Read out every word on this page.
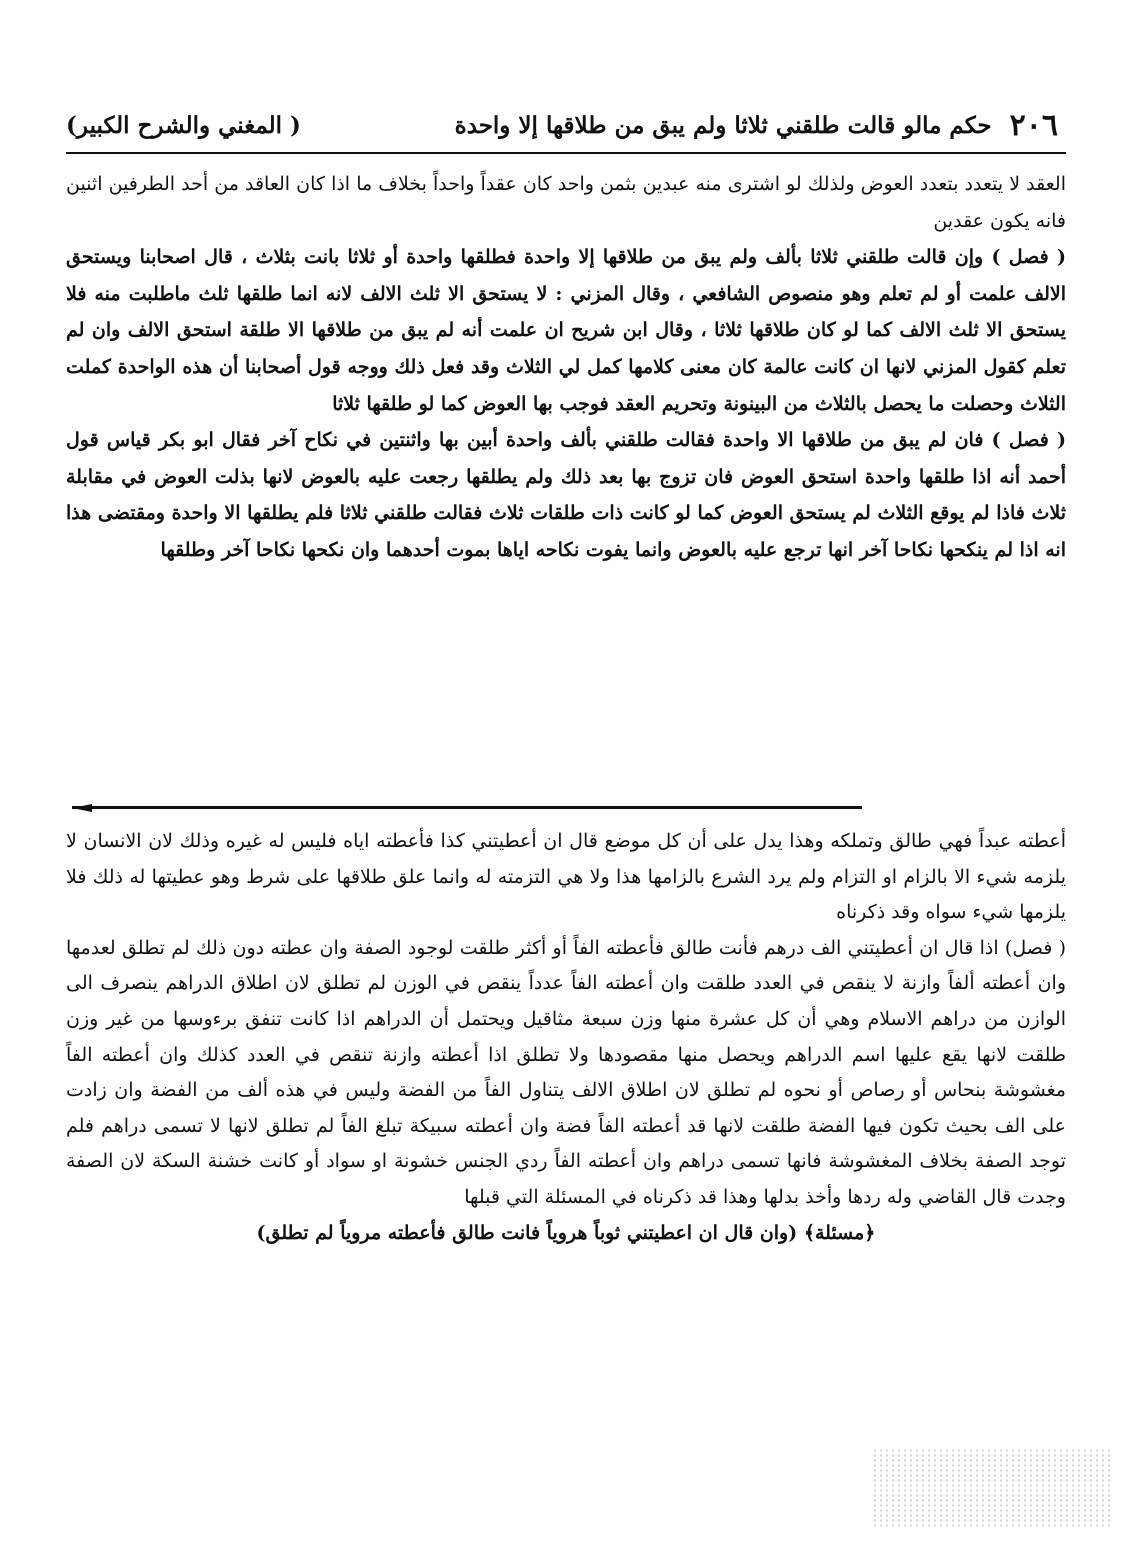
٢٠٦
حكم مالو قالت طلقني ثلاثا ولم يبق من طلاقها إلا واحدة
( المغني والشرح الكبير)

العقد لا يتعدد بتعدد العوض ولذلك لو اشترى منه عبدين بثمن واحد كان عقداً واحداً بخلاف ما اذا كان العاقد من أحد الطرفين اثنين فانه يكون عقدين

( فصل ) وإن قالت طلقني ثلاثا بألف ولم يبق من طلاقها إلا واحدة فطلقها واحدة أو ثلاثا بانت بثلاث ، قال اصحابنا ويستحق الالف علمت أو لم تعلم وهو منصوص الشافعي ، وقال المزني : لا يستحق الا ثلث الالف لانه انما طلقها ثلث ماطلبت منه فلا يستحق الا ثلث الالف كما لو كان طلاقها ثلاثا ، وقال ابن شريح ان علمت أنه لم يبق من طلاقها الا طلقة استحق الالف وان لم تعلم كقول المزني لانها ان كانت عالمة كان معنى كلامها كمل لي الثلاث وقد فعل ذلك ووجه قول أصحابنا أن هذه الواحدة كملت الثلاث وحصلت ما يحصل بالثلاث من البينونة وتحريم العقد فوجب بها العوض كما لو طلقها ثلاثا

( فصل ) فان لم يبق من طلاقها الا واحدة فقالت طلقني بألف واحدة أبين بها واثنتين في نكاح آخر فقال ابو بكر قياس قول أحمد أنه اذا طلقها واحدة استحق العوض فان تزوج بها بعد ذلك ولم يطلقها رجعت عليه بالعوض لانها بذلت العوض في مقابلة ثلاث فاذا لم يوقع الثلاث لم يستحق العوض كما لو كانت ذات طلقات ثلاث فقالت طلقني ثلاثا فلم يطلقها الا واحدة ومقتضى هذا انه اذا لم ينكحها نكاحا آخر انها ترجع عليه بالعوض وانما يفوت نكاحه اياها بموت أحدهما وان نكحها نكاحا آخر وطلقها

أعطته عبداً فهي طالق وتملكه وهذا يدل على أن كل موضع قال ان أعطيتني كذا فأعطته اياه فليس له غيره وذلك لان الانسان لا يلزمه شيء الا بالزام او التزام ولم يرد الشرع بالزامها هذا ولا هي التزمته له وانما علق طلاقها على شرط وهو عطيتها له ذلك فلا يلزمها شيء سواه وقد ذكرناه

( فصل) اذا قال ان أعطيتني الف درهم فأنت طالق فأعطته الفاً أو أكثر طلقت لوجود الصفة وان عطته دون ذلك لم تطلق لعدمها وان أعطته ألفاً وازنة لا ينقص في العدد طلقت وان أعطته الفاً عدداً ينقص في الوزن لم تطلق لان اطلاق الدراهم ينصرف الى الوازن من دراهم الاسلام وهي أن كل عشرة منها وزن سبعة مثاقيل ويحتمل أن الدراهم اذا كانت تنفق برءوسها من غير وزن طلقت لانها يقع عليها اسم الدراهم ويحصل منها مقصودها ولا تطلق اذا أعطته وازنة تنقص في العدد كذلك وان أعطته الفاً مغشوشة بنحاس أو رصاص أو نحوه لم تطلق لان اطلاق الالف يتناول الفاً من الفضة وليس في هذه ألف من الفضة وان زادت على الف بحيث تكون فيها الفضة طلقت لانها قد أعطته الفاً فضة وان أعطته سبيكة تبلغ الفاً لم تطلق لانها لا تسمى دراهم فلم توجد الصفة بخلاف المغشوشة فانها تسمى دراهم وان أعطته الفاً ردي الجنس خشونة او سواد أو كانت خشنة السكة لان الصفة وجدت قال القاضي وله ردها وأخذ بدلها وهذا قد ذكرناه في المسئلة التي قبلها

﴿مسئلة﴾ (وان قال ان اعطيتني ثوباً هروياً فانت طالق فأعطته مروياً لم تطلق)
